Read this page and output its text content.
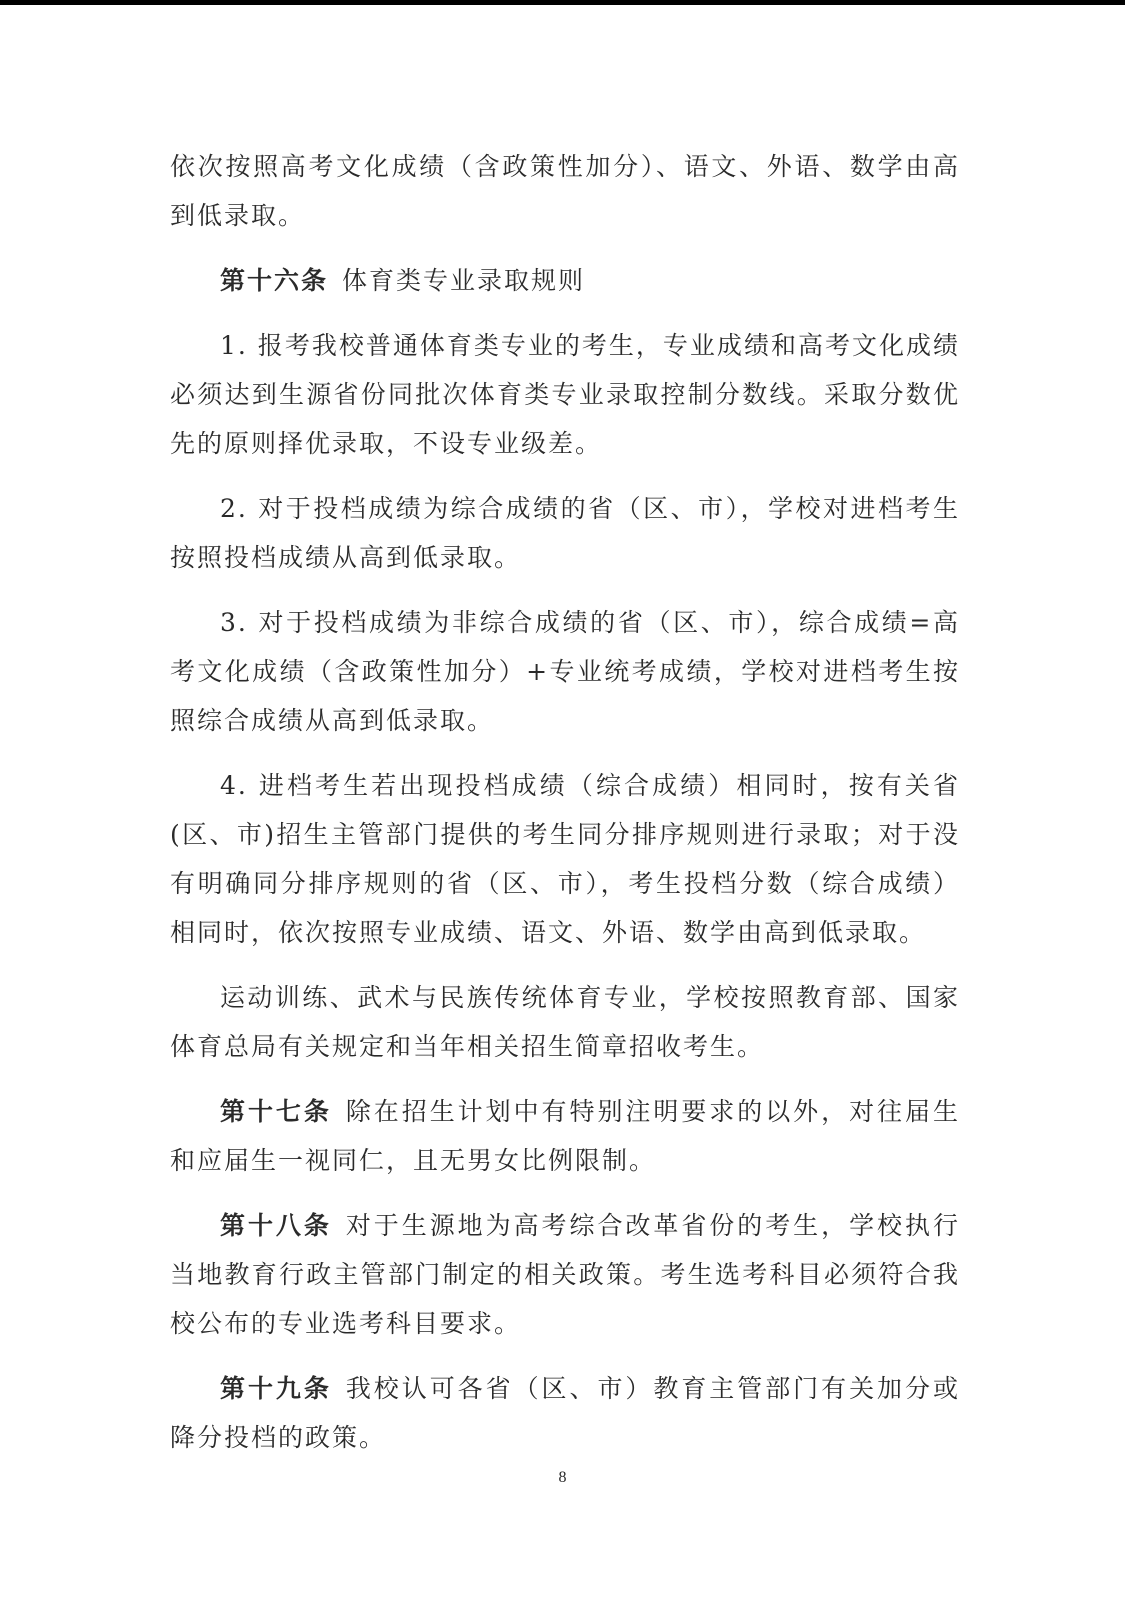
依次按照高考文化成绩（含政策性加分）、语文、外语、数学由高到低录取。

第十六条 体育类专业录取规则

1. 报考我校普通体育类专业的考生，专业成绩和高考文化成绩必须达到生源省份同批次体育类专业录取控制分数线。采取分数优先的原则择优录取，不设专业级差。

2. 对于投档成绩为综合成绩的省（区、市），学校对进档考生按照投档成绩从高到低录取。

3. 对于投档成绩为非综合成绩的省（区、市），综合成绩=高考文化成绩（含政策性加分）+专业统考成绩，学校对进档考生按照综合成绩从高到低录取。

4. 进档考生若出现投档成绩（综合成绩）相同时，按有关省(区、市)招生主管部门提供的考生同分排序规则进行录取；对于没有明确同分排序规则的省（区、市），考生投档分数（综合成绩）相同时，依次按照专业成绩、语文、外语、数学由高到低录取。

运动训练、武术与民族传统体育专业，学校按照教育部、国家体育总局有关规定和当年相关招生简章招收考生。

第十七条 除在招生计划中有特别注明要求的以外，对往届生和应届生一视同仁，且无男女比例限制。

第十八条 对于生源地为高考综合改革省份的考生，学校执行当地教育行政主管部门制定的相关政策。考生选考科目必须符合我校公布的专业选考科目要求。

第十九条 我校认可各省（区、市）教育主管部门有关加分或降分投档的政策。

8
